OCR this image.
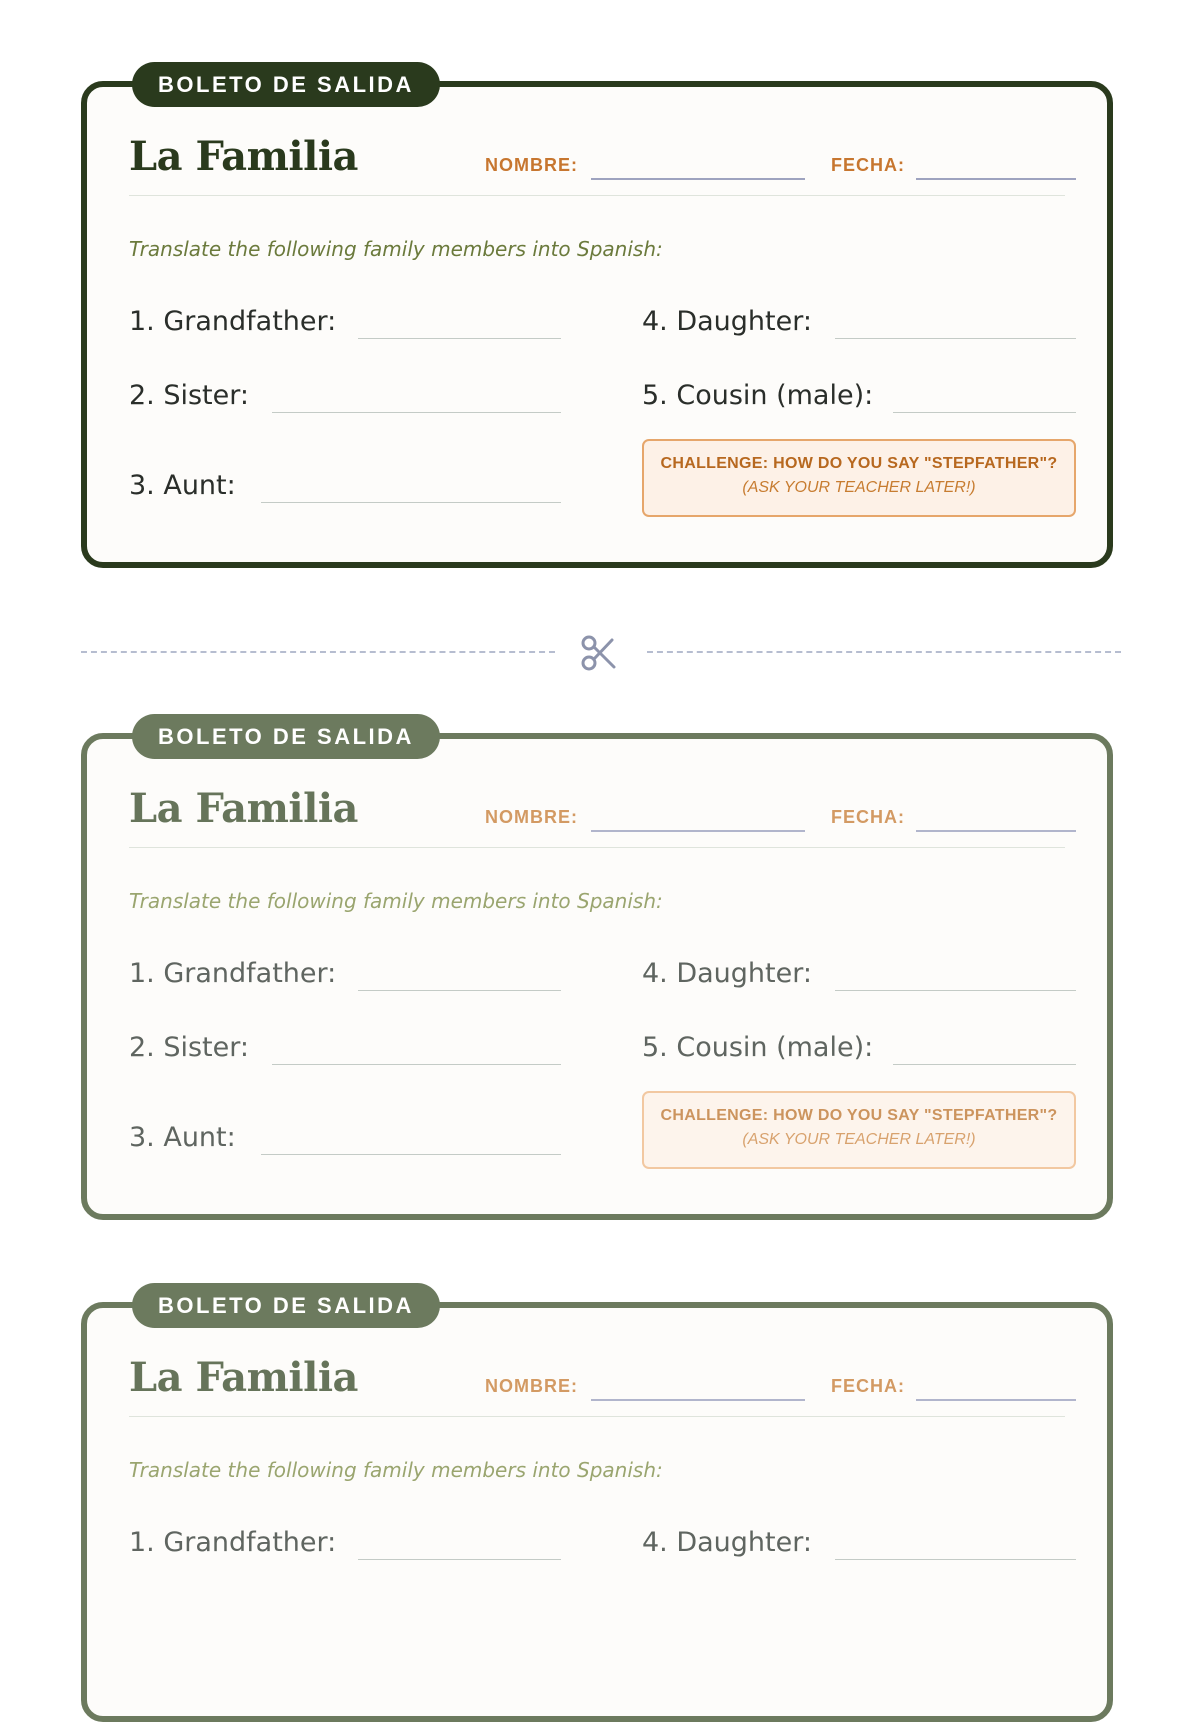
BOLETO DE SALIDA
La Familia	NOMBRE:	FECHA:
Translate the following family members into Spanish:
1. Grandfather:
2. Sister:
3. Aunt:
4. Daughter:
5. Cousin (male):
CHALLENGE: HOW DO YOU SAY "STEPFATHER"?
(ASK YOUR TEACHER LATER!)
BOLETO DE SALIDA
La Familia	NOMBRE:	FECHA:
Translate the following family members into Spanish:
1. Grandfather:
2. Sister:
3. Aunt:
4. Daughter:
5. Cousin (male):
CHALLENGE: HOW DO YOU SAY "STEPFATHER"?
(ASK YOUR TEACHER LATER!)
BOLETO DE SALIDA
La Familia	NOMBRE:	FECHA:
Translate the following family members into Spanish:
1. Grandfather:	4. Daughter:
